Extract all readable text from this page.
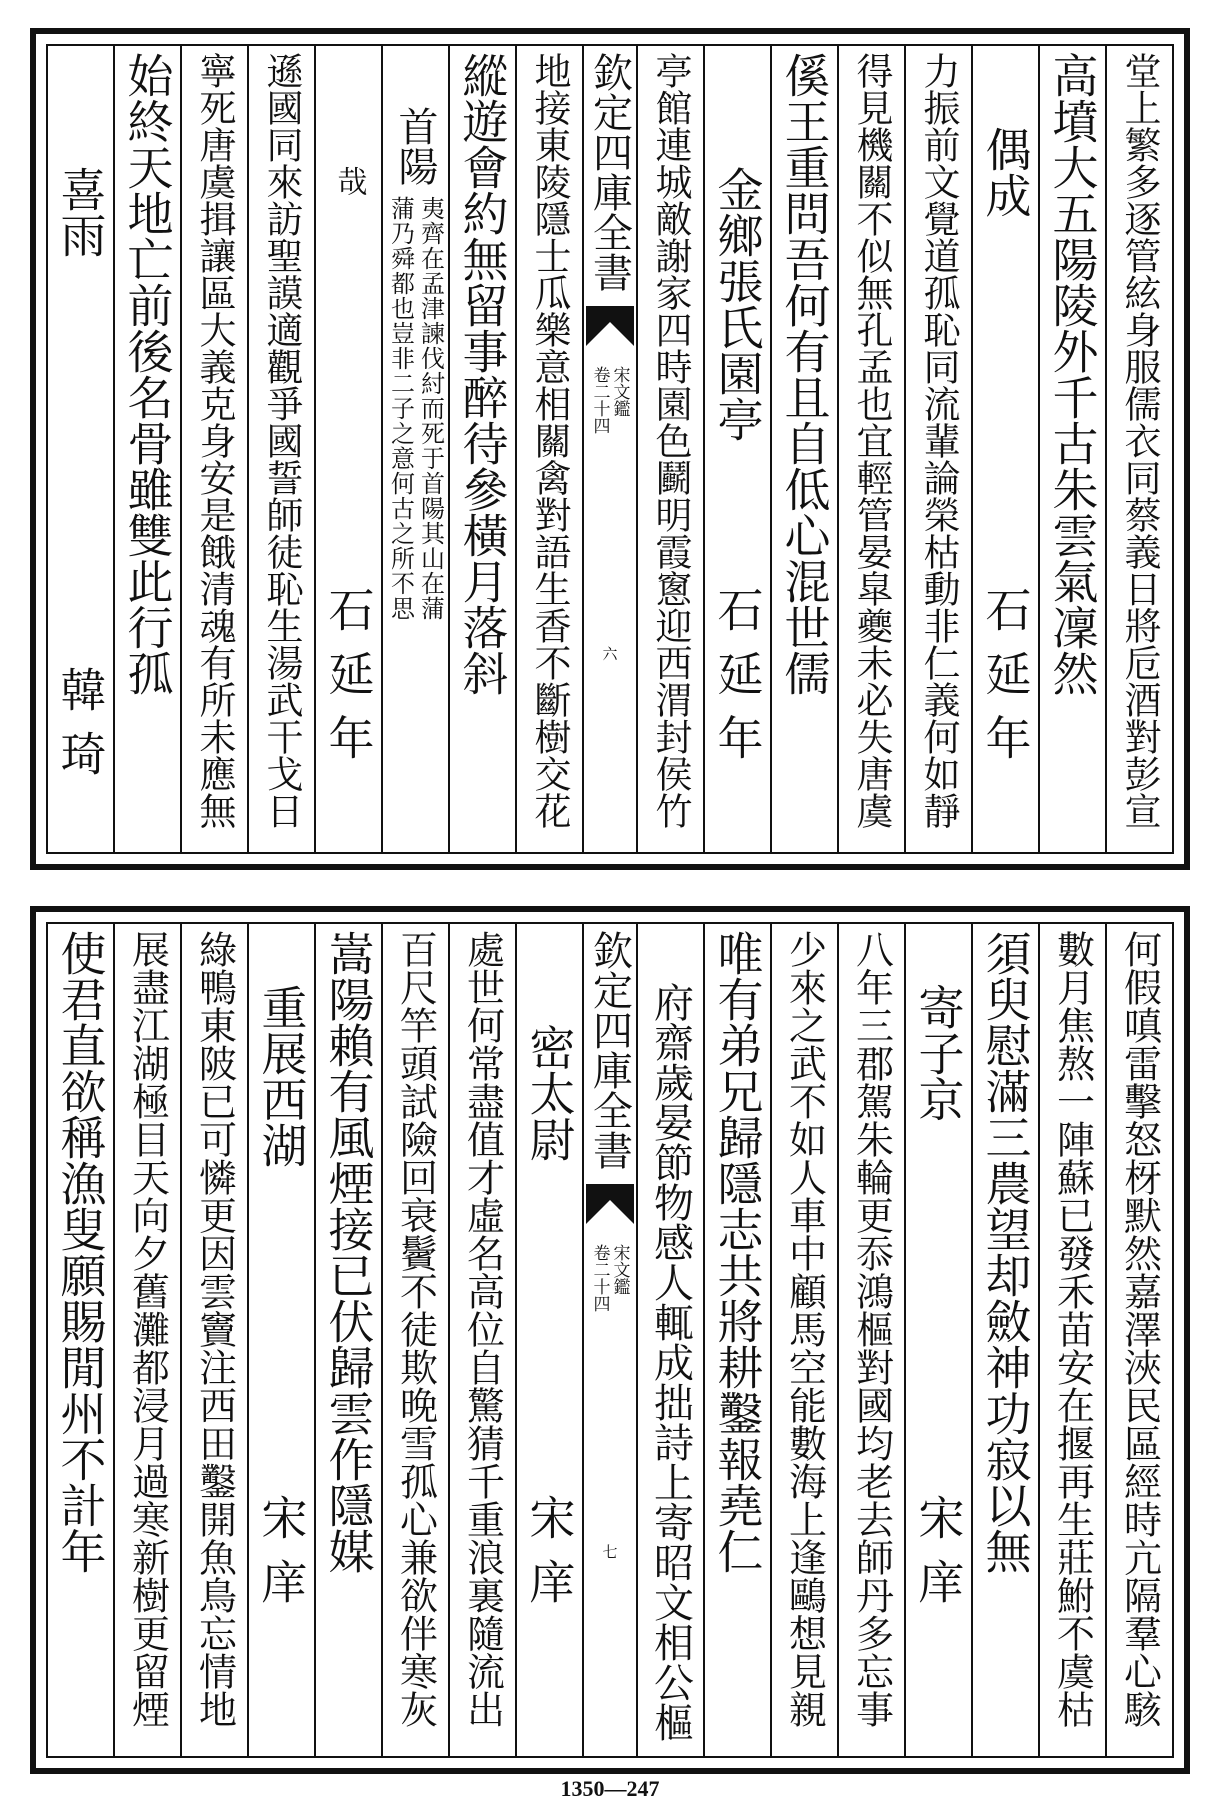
堂上繁多逐管絃身服儒衣同蔡義日將卮酒對彭宣
高墳大五陽陵外千古朱雲氣凜然
偶成
石延年
力振前文覺道孤恥同流輩論榮枯動非仁義何如靜
得見機關不似無孔孟也宜輕管晏皐夔未必失唐虞
傒王重問吾何有且自低心混世儒
金鄉張氏園亭
石延年
亭館連城敵謝家四時園色鬬明霞窻迎西渭封侯竹
欽定四庫全書
宋文鑑
卷二十四
六
地接東陵隱士瓜樂意相關禽對語生香不斷樹交花
縱遊會約無留事醉待參橫月落斜
首陽
夷齊在孟津諫伐紂而死于首陽其山在蒲
蒲乃舜都也豈非二子之意何古之所不思
哉
石延年
遜國同來訪聖謨適觀爭國誓師徒恥生湯武干戈日
寧死唐虞揖讓區大義克身安是餓清魂有所未應無
始終天地亡前後名骨雖雙此行孤
喜雨
韓琦
何假嗔雷擊怒枒默然嘉澤浹民區經時亢隔羣心駭
數月焦熬一陣蘇已發禾苗安在揠再生莊鮒不虞枯
須臾慰滿三農望却斂神功寂以無
寄子京
宋庠
八年三郡駕朱輪更忝鴻樞對國均老去師丹多忘事
少來之武不如人車中顧馬空能數海上逢鷗想見親
唯有弟兄歸隱志共將耕鑿報堯仁
府齋歲晏節物感人輒成拙詩上寄昭文相公樞
欽定四庫全書
宋文鑑
卷二十四
七
密太尉
宋庠
處世何常盡值才虛名高位自驚猜千重浪裏隨流出
百尺竿頭試險回衰鬢不徒欺晚雪孤心兼欲伴寒灰
嵩陽賴有風煙接已伏歸雲作隱媒
重展西湖
宋庠
綠鴨東陂已可憐更因雲竇注西田鑿開魚鳥忘情地
展盡江湖極目天向夕舊灘都浸月過寒新樹更留煙
使君直欲稱漁叟願賜閒州不計年
1350—247
